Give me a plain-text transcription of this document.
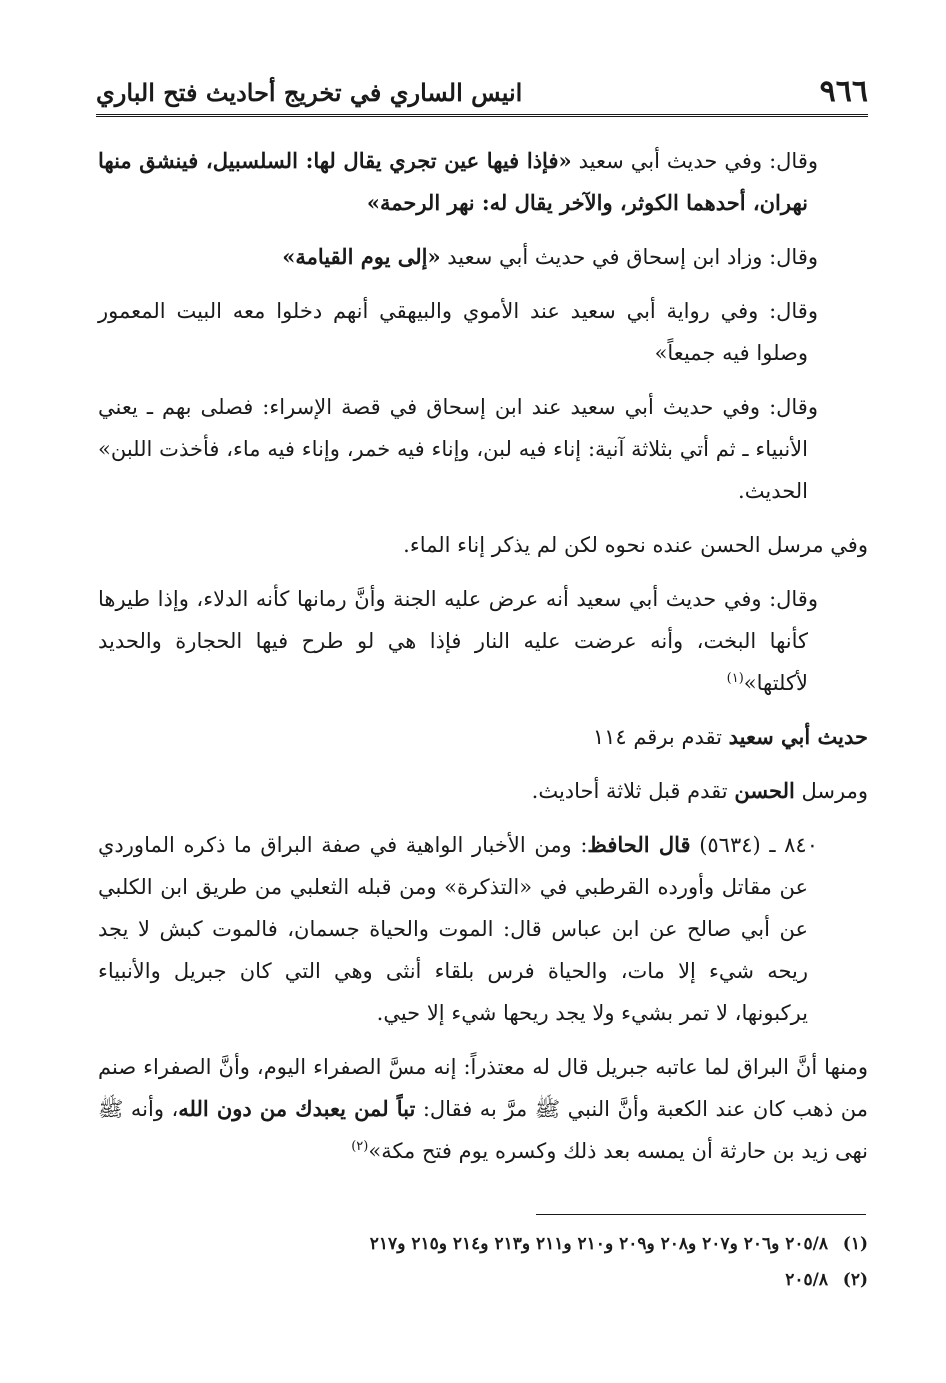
٩٦٦
انيس الساري في تخريج أحاديث فتح الباري

وقال: وفي حديث أبي سعيد «فإذا فيها عين تجري يقال لها: السلسبيل، فينشق منها نهران، أحدهما الكوثر، والآخر يقال له: نهر الرحمة»

وقال: وزاد ابن إسحاق في حديث أبي سعيد «إلى يوم القيامة»

وقال: وفي رواية أبي سعيد عند الأموي والبيهقي أنهم دخلوا معه البيت المعمور وصلوا فيه جميعاً»

وقال: وفي حديث أبي سعيد عند ابن إسحاق في قصة الإسراء: فصلى بهم ـ يعني الأنبياء ـ ثم أتي بثلاثة آنية: إناء فيه لبن، وإناء فيه خمر، وإناء فيه ماء، فأخذت اللبن» الحديث.

وفي مرسل الحسن عنده نحوه لكن لم يذكر إناء الماء.

وقال: وفي حديث أبي سعيد أنه عرض عليه الجنة وأنَّ رمانها كأنه الدلاء، وإذا طيرها كأنها البخت، وأنه عرضت عليه النار فإذا هي لو طرح فيها الحجارة والحديد لأكلتها»$^{(١)}$

حديث أبي سعيد تقدم برقم ١١٤

ومرسل الحسن تقدم قبل ثلاثة أحاديث.

٨٤٠ ـ (٥٦٣٤) قال الحافظ: ومن الأخبار الواهية في صفة البراق ما ذكره الماوردي عن مقاتل وأورده القرطبي في «التذكرة» ومن قبله الثعلبي من طريق ابن الكلبي عن أبي صالح عن ابن عباس قال: الموت والحياة جسمان، فالموت كبش لا يجد ريحه شيء إلا مات، والحياة فرس بلقاء أنثى وهي التي كان جبريل والأنبياء يركبونها، لا تمر بشيء ولا يجد ريحها شيء إلا حيي.

ومنها أنَّ البراق لما عاتبه جبريل قال له معتذراً: إنه مسَّ الصفراء اليوم، وأنَّ الصفراء صنم من ذهب كان عند الكعبة وأنَّ النبي ﷺ مرَّ به فقال: تباً لمن يعبدك من دون الله، وأنه ﷺ نهى زيد بن حارثة أن يمسه بعد ذلك وكسره يوم فتح مكة»$^{(٢)}$

(١)٢٠٥/٨ و٢٠٦ و٢٠٧ و٢٠٨ و٢٠٩ و٢١٠ و٢١١ و٢١٣ و٢١٤ و٢١٥ و٢١٧
(٢)٢٠٥/٨
